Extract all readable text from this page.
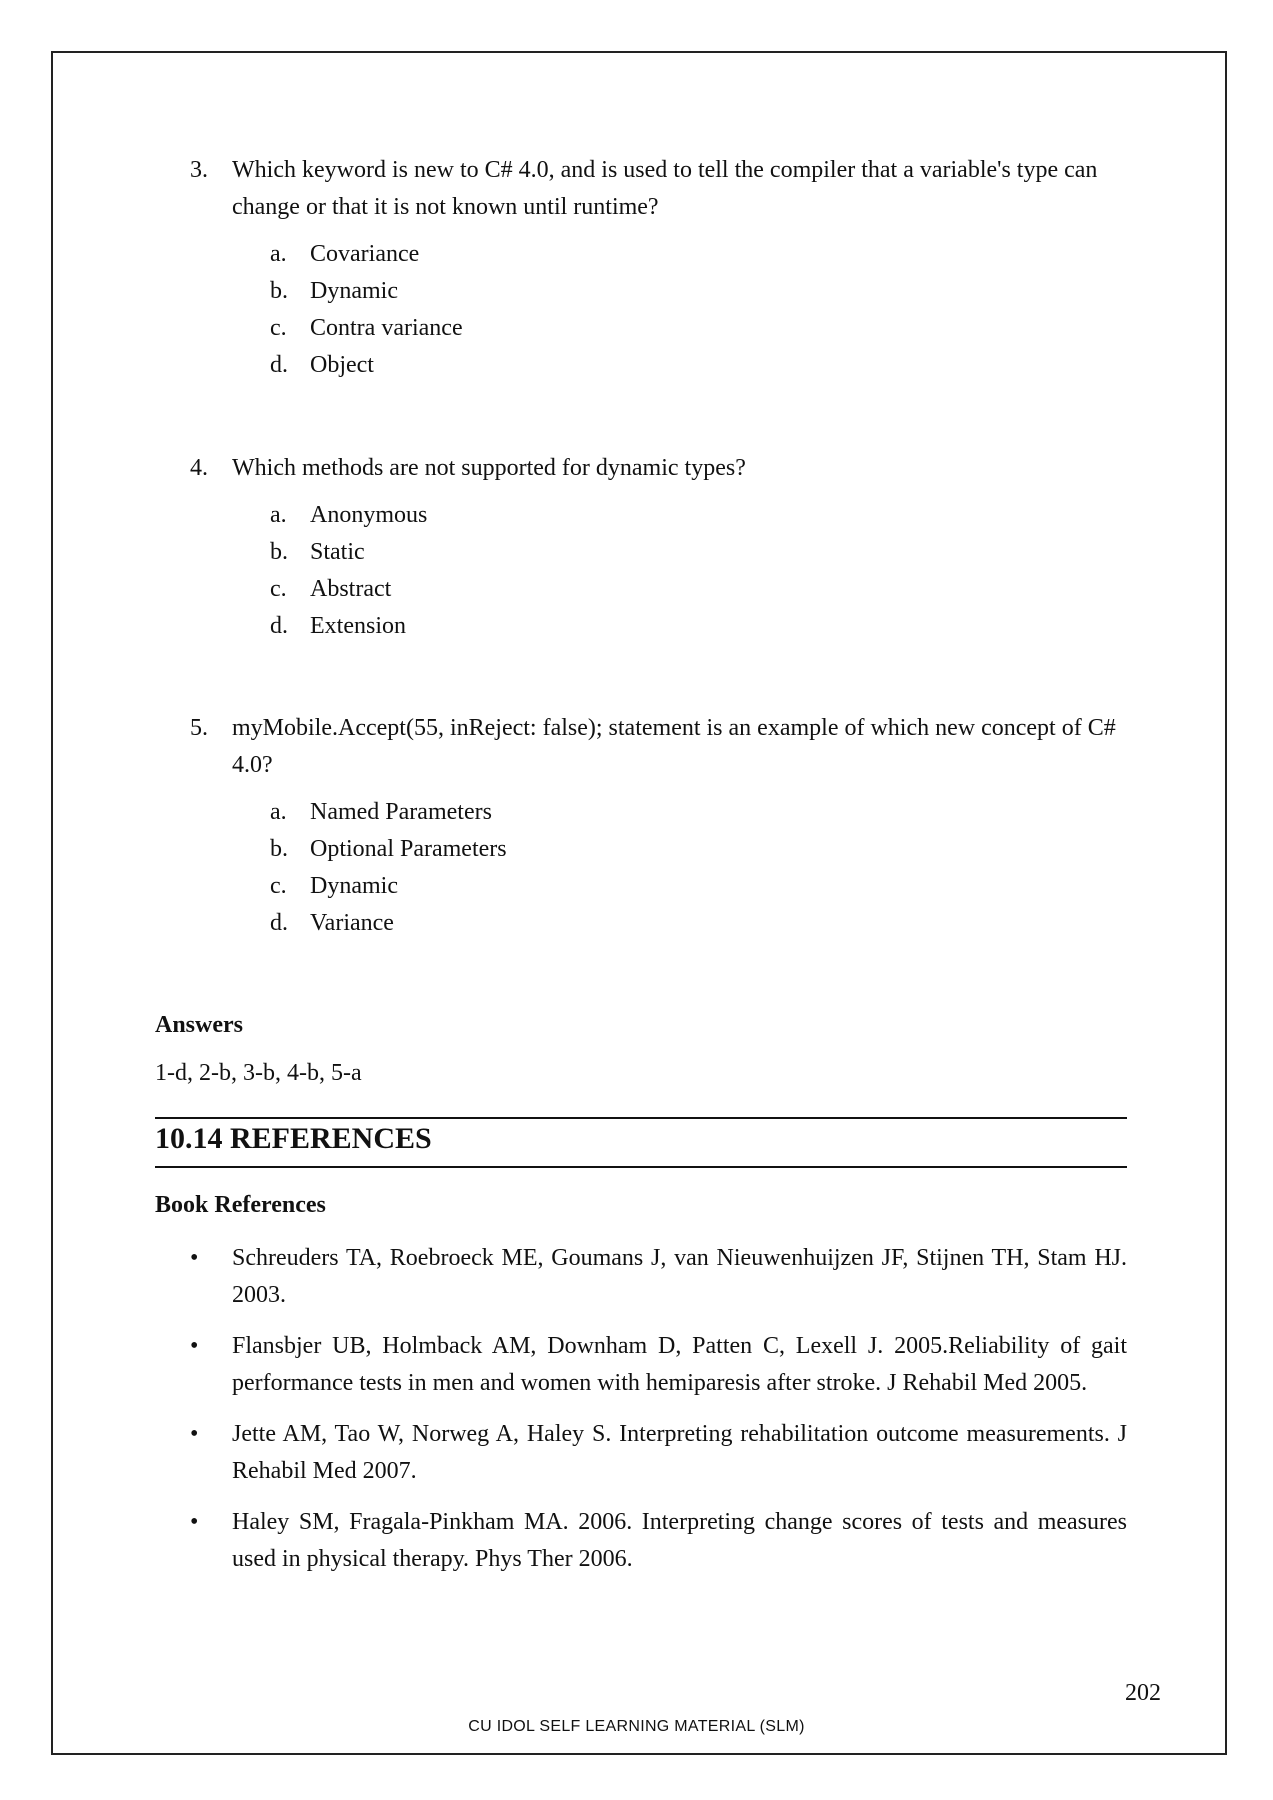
3.	Which keyword is new to C# 4.0, and is used to tell the compiler that a variable's type can change or that it is not known until runtime?
a. Covariance
b. Dynamic
c. Contra variance
d. Object
4.	Which methods are not supported for dynamic types?
a. Anonymous
b. Static
c. Abstract
d. Extension
5.	myMobile.Accept(55, inReject: false); statement is an example of which new concept of C# 4.0?
a. Named Parameters
b. Optional Parameters
c. Dynamic
d. Variance
Answers
1-d, 2-b, 3-b, 4-b, 5-a
10.14 REFERENCES
Book References
• Schreuders TA, Roebroeck ME, Goumans J, van Nieuwenhuijzen JF, Stijnen TH, Stam HJ. 2003.
• Flansbjer UB, Holmback AM, Downham D, Patten C, Lexell J. 2005.Reliability of gait performance tests in men and women with hemiparesis after stroke. J Rehabil Med 2005.
• Jette AM, Tao W, Norweg A, Haley S. Interpreting rehabilitation outcome measurements. J Rehabil Med 2007.
• Haley SM, Fragala-Pinkham MA. 2006. Interpreting change scores of tests and measures used in physical therapy. Phys Ther 2006.
202
CU IDOL SELF LEARNING MATERIAL (SLM)
